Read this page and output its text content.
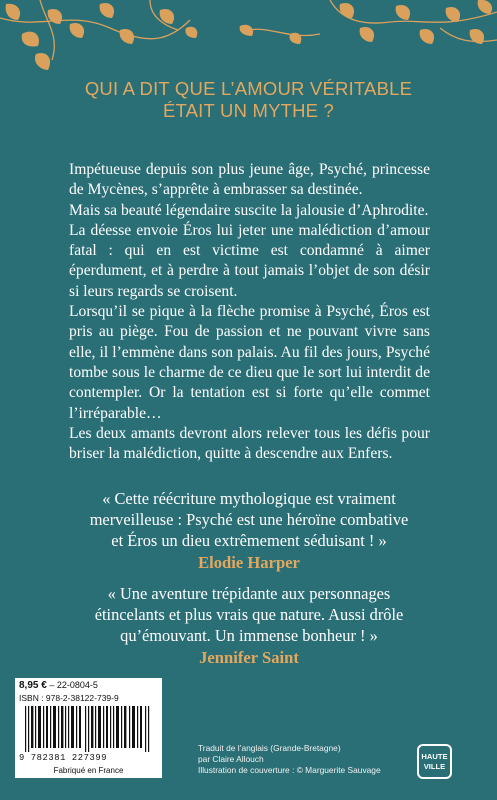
QUI A DIT QUE L’AMOUR VÉRITABLE
ÉTAIT UN MYTHE ?

Impétueuse depuis son plus jeune âge, Psyché, princesse de Mycènes, s’apprête à embrasser sa destinée.

Mais sa beauté légendaire suscite la jalousie d’Aphrodite.

La déesse envoie Éros lui jeter une malédiction d’amour fatal : qui en est victime est condamné à aimer éperdument, et à perdre à tout jamais l’objet de son désir si leurs regards se croisent.

Lorsqu’il se pique à la flèche promise à Psyché, Éros est pris au piège. Fou de passion et ne pouvant vivre sans elle, il l’emmène dans son palais. Au fil des jours, Psyché tombe sous le charme de ce dieu que le sort lui interdit de contempler. Or la tentation est si forte qu’elle commet l’irréparable…

Les deux amants devront alors relever tous les défis pour briser la malédiction, quitte à descendre aux Enfers.

« Cette réécriture mythologique est vraiment
merveilleuse : Psyché est une héroïne combative
et Éros un dieu extrêmement séduisant ! »
Elodie Harper
« Une aventure trépidante aux personnages
étincelants et plus vrais que nature. Aussi drôle
qu’émouvant. Un immense bonheur ! »
Jennifer Saint
8,95 € – 22-0804-5
ISBN : 978-2-38122-739-9
9 782381 227399
Fabriqué en France
Traduit de l’anglais (Grande-Bretagne)
par Claire Allouch
Illustration de couverture : © Marguerite Sauvage
HAUTE
VILLE
